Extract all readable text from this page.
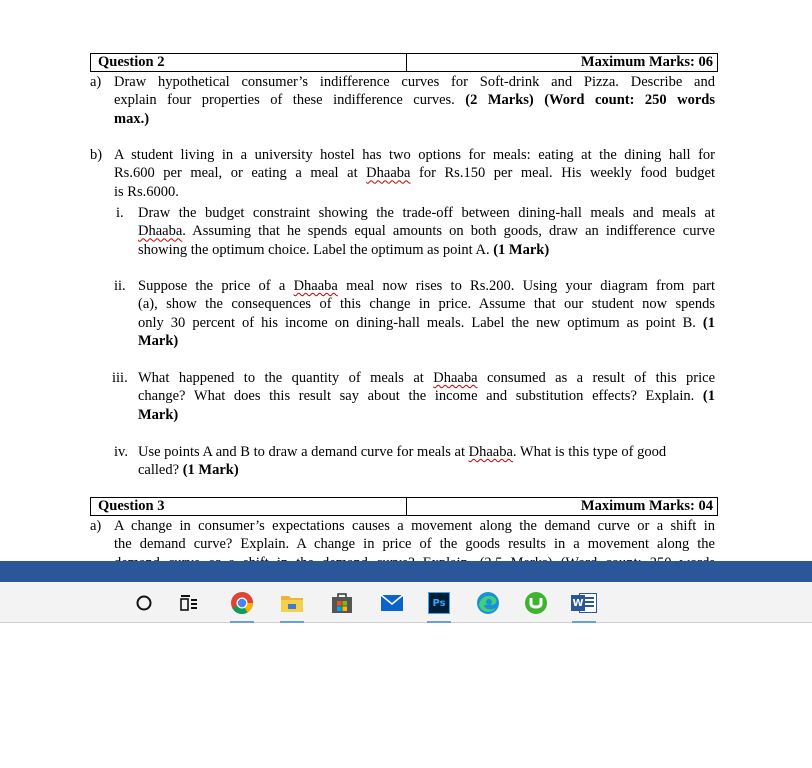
Question 2	Maximum Marks: 06
a) Draw hypothetical consumer’s indifference curves for Soft-drink and Pizza. Describe and
explain four properties of these indifference curves. (2 Marks) (Word count: 250 words
max.)
b) A student living in a university hostel has two options for meals: eating at the dining hall for
Rs.600 per meal, or eating a meal at Dhaaba for Rs.150 per meal. His weekly food budget
is Rs.6000.
i. Draw the budget constraint showing the trade-off between dining-hall meals and meals at
Dhaaba. Assuming that he spends equal amounts on both goods, draw an indifference curve
showing the optimum choice. Label the optimum as point A. (1 Mark)
ii. Suppose the price of a Dhaaba meal now rises to Rs.200. Using your diagram from part
(a), show the consequences of this change in price. Assume that our student now spends
only 30 percent of his income on dining-hall meals. Label the new optimum as point B. (1
Mark)
iii. What happened to the quantity of meals at Dhaaba consumed as a result of this price
change? What does this result say about the income and substitution effects? Explain. (1
Mark)
iv. Use points A and B to draw a demand curve for meals at Dhaaba. What is this type of good
called? (1 Mark)
Question 3	Maximum Marks: 04
a) A change in consumer’s expectations causes a movement along the demand curve or a shift in
the demand curve? Explain. A change in price of the goods results in a movement along the
Ps	W
